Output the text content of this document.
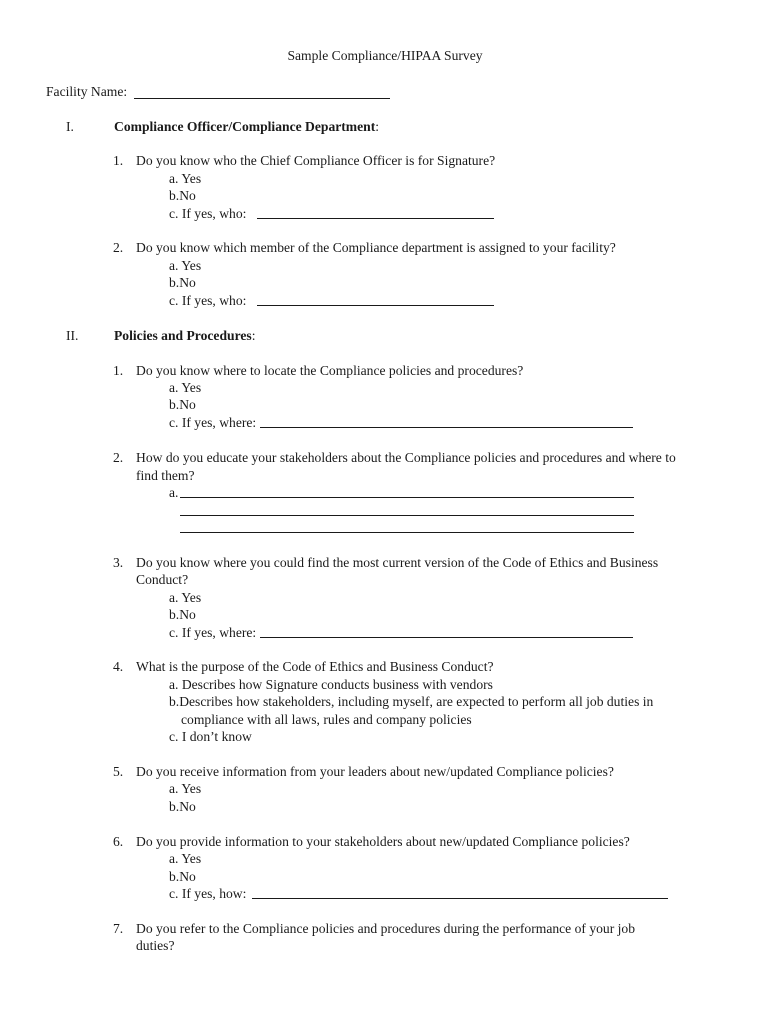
Sample Compliance/HIPAA Survey
Facility Name:
I.	Compliance Officer/Compliance Department:
1. Do you know who the Chief Compliance Officer is for Signature?
a. Yes
b.No
c. If yes, who:
2. Do you know which member of the Compliance department is assigned to your facility?
a. Yes
b.No
c. If yes, who:
II.	Policies and Procedures:
1. Do you know where to locate the Compliance policies and procedures?
a. Yes
b.No
c. If yes, where:
2. How do you educate your stakeholders about the Compliance policies and procedures and where to
find them?
a.
3. Do you know where you could find the most current version of the Code of Ethics and Business
Conduct?
a. Yes
b.No
c. If yes, where:
4. What is the purpose of the Code of Ethics and Business Conduct?
a. Describes how Signature conducts business with vendors
b.Describes how stakeholders, including myself, are expected to perform all job duties in
compliance with all laws, rules and company policies
c. I don’t know
5. Do you receive information from your leaders about new/updated Compliance policies?
a. Yes
b.No
6. Do you provide information to your stakeholders about new/updated Compliance policies?
a. Yes
b.No
c. If yes, how:
7. Do you refer to the Compliance policies and procedures during the performance of your job
duties?
